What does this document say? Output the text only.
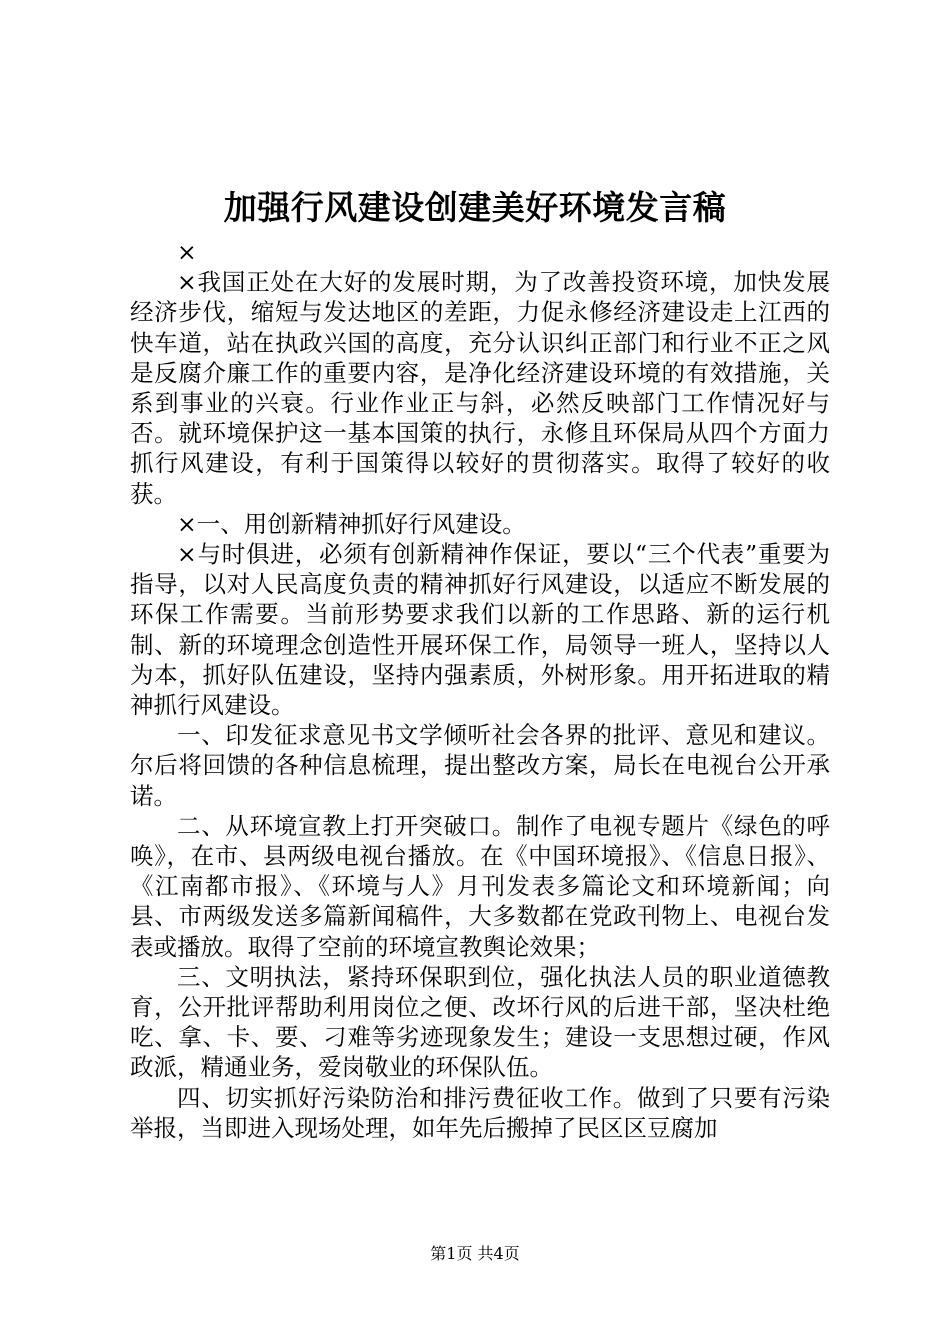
加强行风建设创建美好环境发言稿

×

×我国正处在大好的发展时期，为了改善投资环境，加快发展经济步伐，缩短与发达地区的差距，力促永修经济建设走上江西的快车道，站在执政兴国的高度，充分认识纠正部门和行业不正之风是反腐介廉工作的重要内容，是净化经济建设环境的有效措施，关系到事业的兴衰。行业作业正与斜，必然反映部门工作情况好与否。就环境保护这一基本国策的执行，永修且环保局从四个方面力抓行风建设，有利于国策得以较好的贯彻落实。取得了较好的收获。

×一、用创新精神抓好行风建设。

×与时俱进，必须有创新精神作保证，要以“三个代表”重要为指导，以对人民高度负责的精神抓好行风建设，以适应不断发展的环保工作需要。当前形势要求我们以新的工作思路、新的运行机制、新的环境理念创造性开展环保工作，局领导一班人，坚持以人为本，抓好队伍建设，坚持内强素质，外树形象。用开拓进取的精神抓行风建设。

一、印发征求意见书文学倾听社会各界的批评、意见和建议。尔后将回馈的各种信息梳理，提出整改方案，局长在电视台公开承诺。

二、从环境宣教上打开突破口。制作了电视专题片《绿色的呼唤》，在市、县两级电视台播放。在《中国环境报》、《信息日报》、《江南都市报》、《环境与人》月刊发表多篇论文和环境新闻；向县、市两级发送多篇新闻稿件，大多数都在党政刊物上、电视台发表或播放。取得了空前的环境宣教舆论效果；

三、文明执法，紧持环保职到位，强化执法人员的职业道德教育，公开批评帮助利用岗位之便、改坏行风的后进干部，坚决杜绝吃、拿、卡、要、刁难等劣迹现象发生；建设一支思想过硬，作风政派，精通业务，爱岗敬业的环保队伍。

四、切实抓好污染防治和排污费征收工作。做到了只要有污染举报，当即进入现场处理，如年先后搬掉了民区区豆腐加

第1页 共4页
